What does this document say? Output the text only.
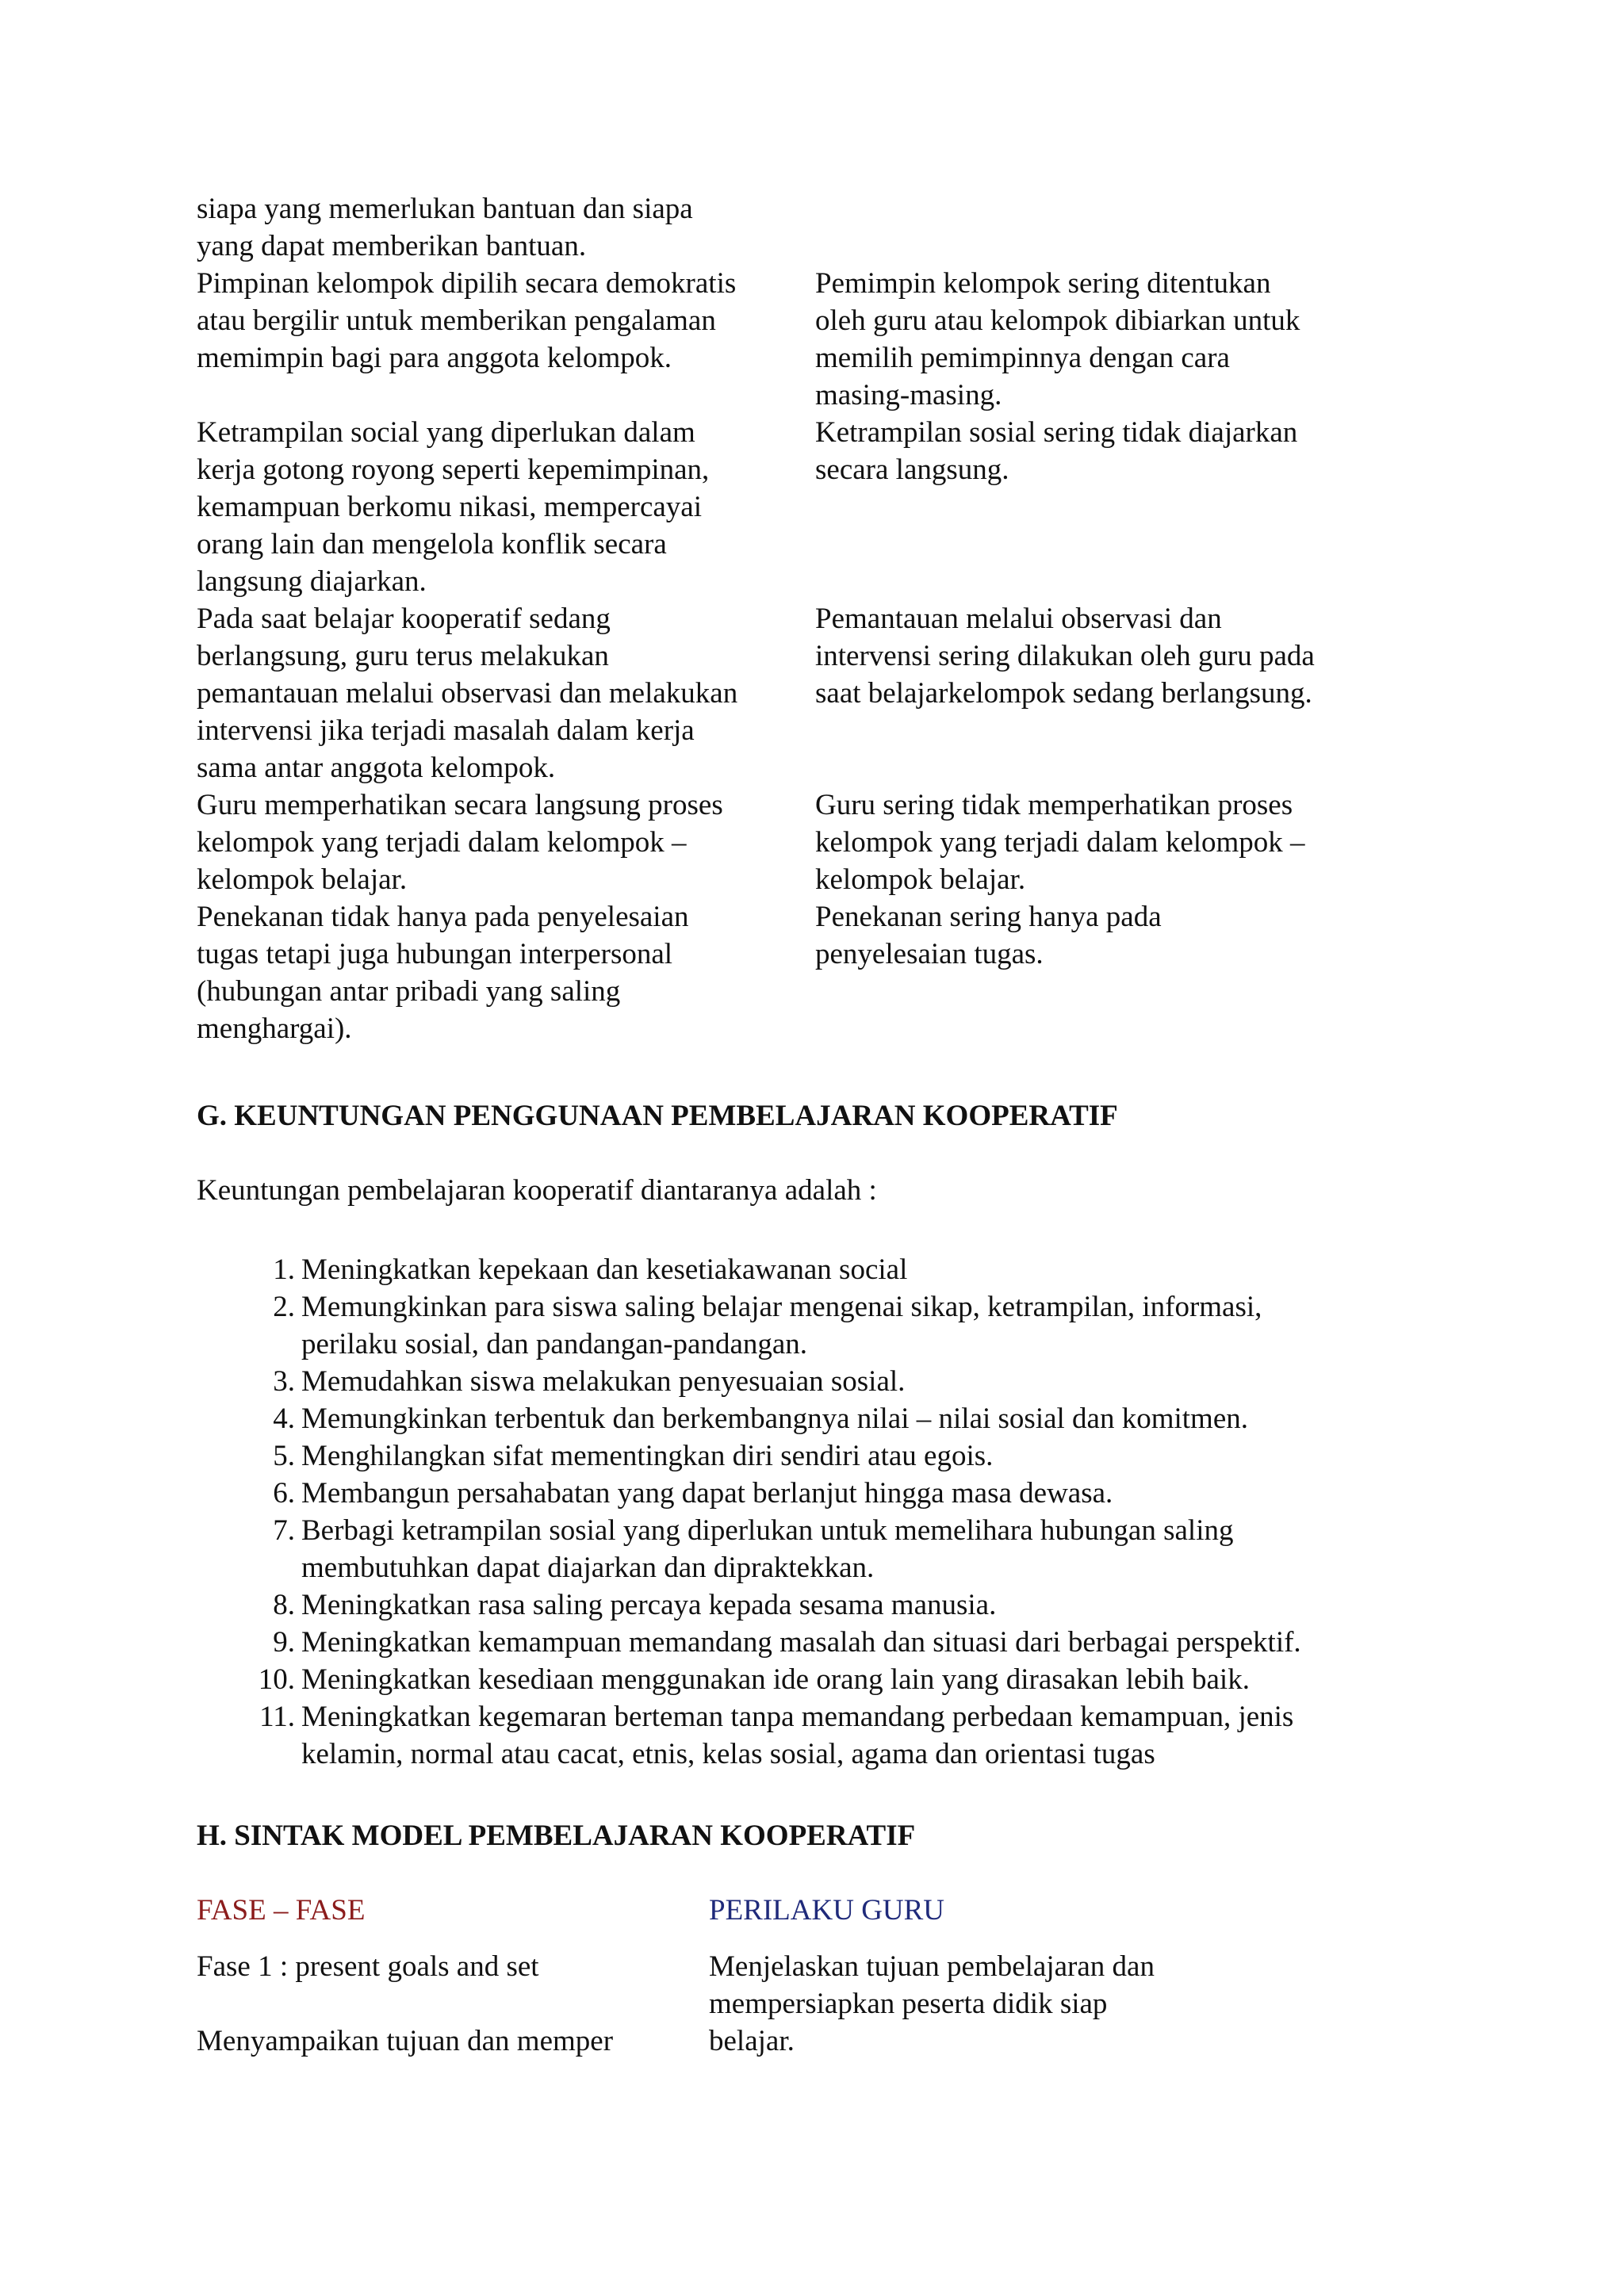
siapa yang memerlukan bantuan dan siapa
yang dapat memberikan bantuan.
Pimpinan kelompok dipilih secara demokratis
atau bergilir untuk memberikan pengalaman
memimpin bagi para anggota kelompok.
Pemimpin kelompok sering ditentukan
oleh guru atau kelompok dibiarkan untuk
memilih pemimpinnya dengan cara
masing-masing.
Ketrampilan social yang diperlukan dalam
kerja gotong royong seperti kepemimpinan,
kemampuan berkomu nikasi, mempercayai
orang lain dan mengelola konflik secara
langsung diajarkan.
Ketrampilan sosial sering tidak diajarkan
secara langsung.
Pada saat belajar kooperatif sedang
berlangsung, guru terus melakukan
pemantauan melalui observasi dan melakukan
intervensi jika terjadi masalah dalam kerja
sama antar anggota kelompok.
Pemantauan melalui observasi dan
intervensi sering dilakukan oleh guru pada
saat belajarkelompok sedang berlangsung.
Guru memperhatikan secara langsung proses
kelompok yang terjadi dalam kelompok –
kelompok belajar.
Guru sering tidak memperhatikan proses
kelompok yang terjadi dalam kelompok –
kelompok belajar.
Penekanan tidak hanya pada penyelesaian
tugas tetapi juga hubungan interpersonal
(hubungan antar pribadi yang saling
menghargai).
Penekanan sering hanya pada
penyelesaian tugas.
G. KEUNTUNGAN PENGGUNAAN PEMBELAJARAN KOOPERATIF
Keuntungan pembelajaran kooperatif diantaranya adalah :
1. Meningkatkan kepekaan dan kesetiakawanan social
2. Memungkinkan para siswa saling belajar mengenai sikap, ketrampilan, informasi,
perilaku sosial, dan pandangan-pandangan.
3. Memudahkan siswa melakukan penyesuaian sosial.
4. Memungkinkan terbentuk dan berkembangnya nilai – nilai sosial dan komitmen.
5. Menghilangkan sifat mementingkan diri sendiri atau egois.
6. Membangun persahabatan yang dapat berlanjut hingga masa dewasa.
7. Berbagi ketrampilan sosial yang diperlukan untuk memelihara hubungan saling
membutuhkan dapat diajarkan dan dipraktekkan.
8. Meningkatkan rasa saling percaya kepada sesama manusia.
9. Meningkatkan kemampuan memandang masalah dan situasi dari berbagai perspektif.
10. Meningkatkan kesediaan menggunakan ide orang lain yang dirasakan lebih baik.
11. Meningkatkan kegemaran berteman tanpa memandang perbedaan kemampuan, jenis
kelamin, normal atau cacat, etnis, kelas sosial, agama dan orientasi tugas
H. SINTAK MODEL PEMBELAJARAN KOOPERATIF
FASE – FASE	PERILAKU GURU
Fase 1 : present goals and set
Menyampaikan tujuan dan memper
Menjelaskan tujuan pembelajaran dan
mempersiapkan peserta didik siap
belajar.
